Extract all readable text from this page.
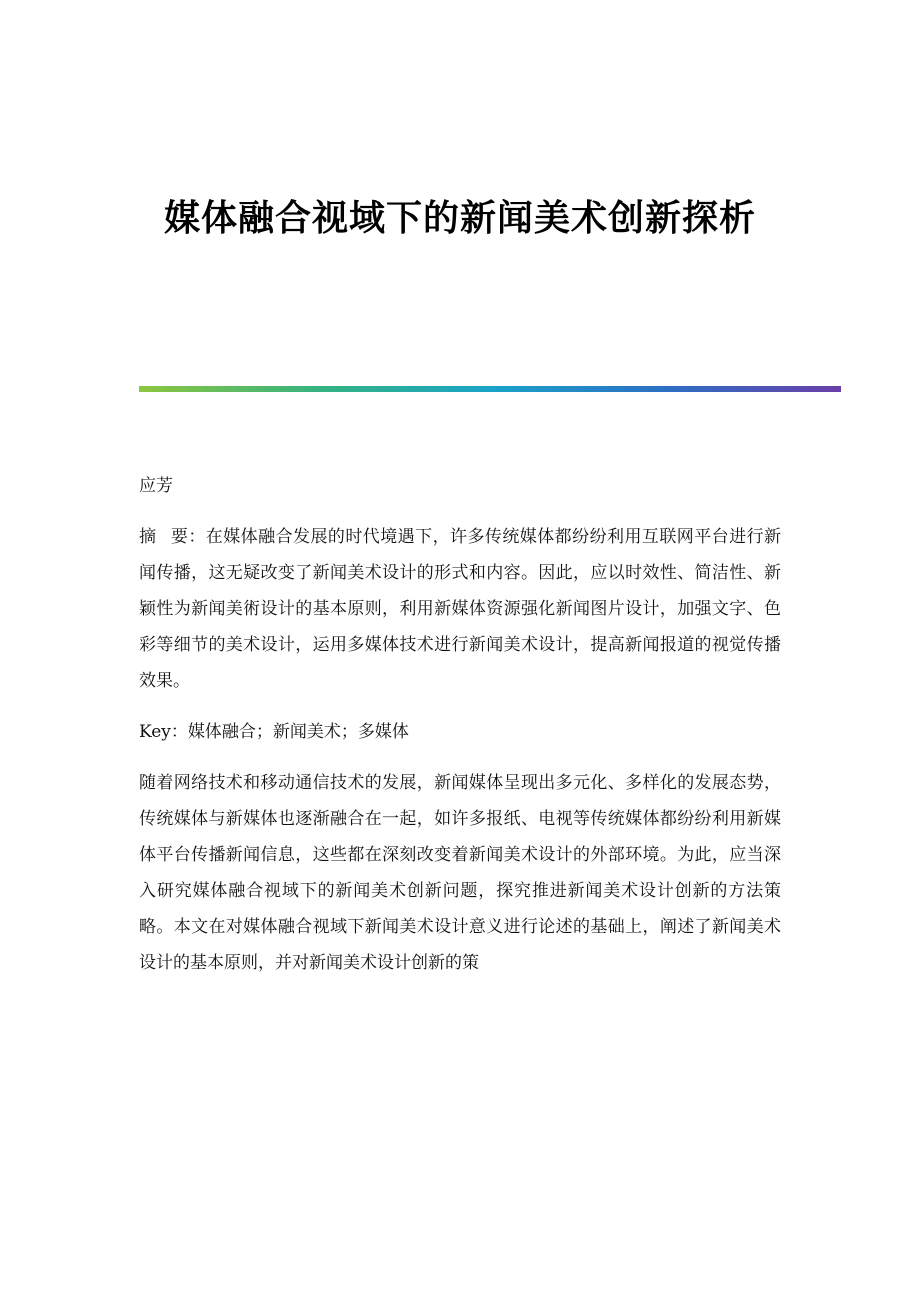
媒体融合视域下的新闻美术创新探析

应芳

摘 要：在媒体融合发展的时代境遇下，许多传统媒体都纷纷利用互联网平台进行新闻传播，这无疑改变了新闻美术设计的形式和内容。因此，应以时效性、简洁性、新颖性为新闻美術设计的基本原则，利用新媒体资源强化新闻图片设计，加强文字、色彩等细节的美术设计，运用多媒体技术进行新闻美术设计，提高新闻报道的视觉传播效果。

Key：媒体融合；新闻美术；多媒体

随着网络技术和移动通信技术的发展，新闻媒体呈现出多元化、多样化的发展态势，传统媒体与新媒体也逐渐融合在一起，如许多报纸、电视等传统媒体都纷纷利用新媒体平台传播新闻信息，这些都在深刻改变着新闻美术设计的外部环境。为此，应当深入研究媒体融合视域下的新闻美术创新问题，探究推进新闻美术设计创新的方法策略。本文在对媒体融合视域下新闻美术设计意义进行论述的基础上，阐述了新闻美术设计的基本原则，并对新闻美术设计创新的策
